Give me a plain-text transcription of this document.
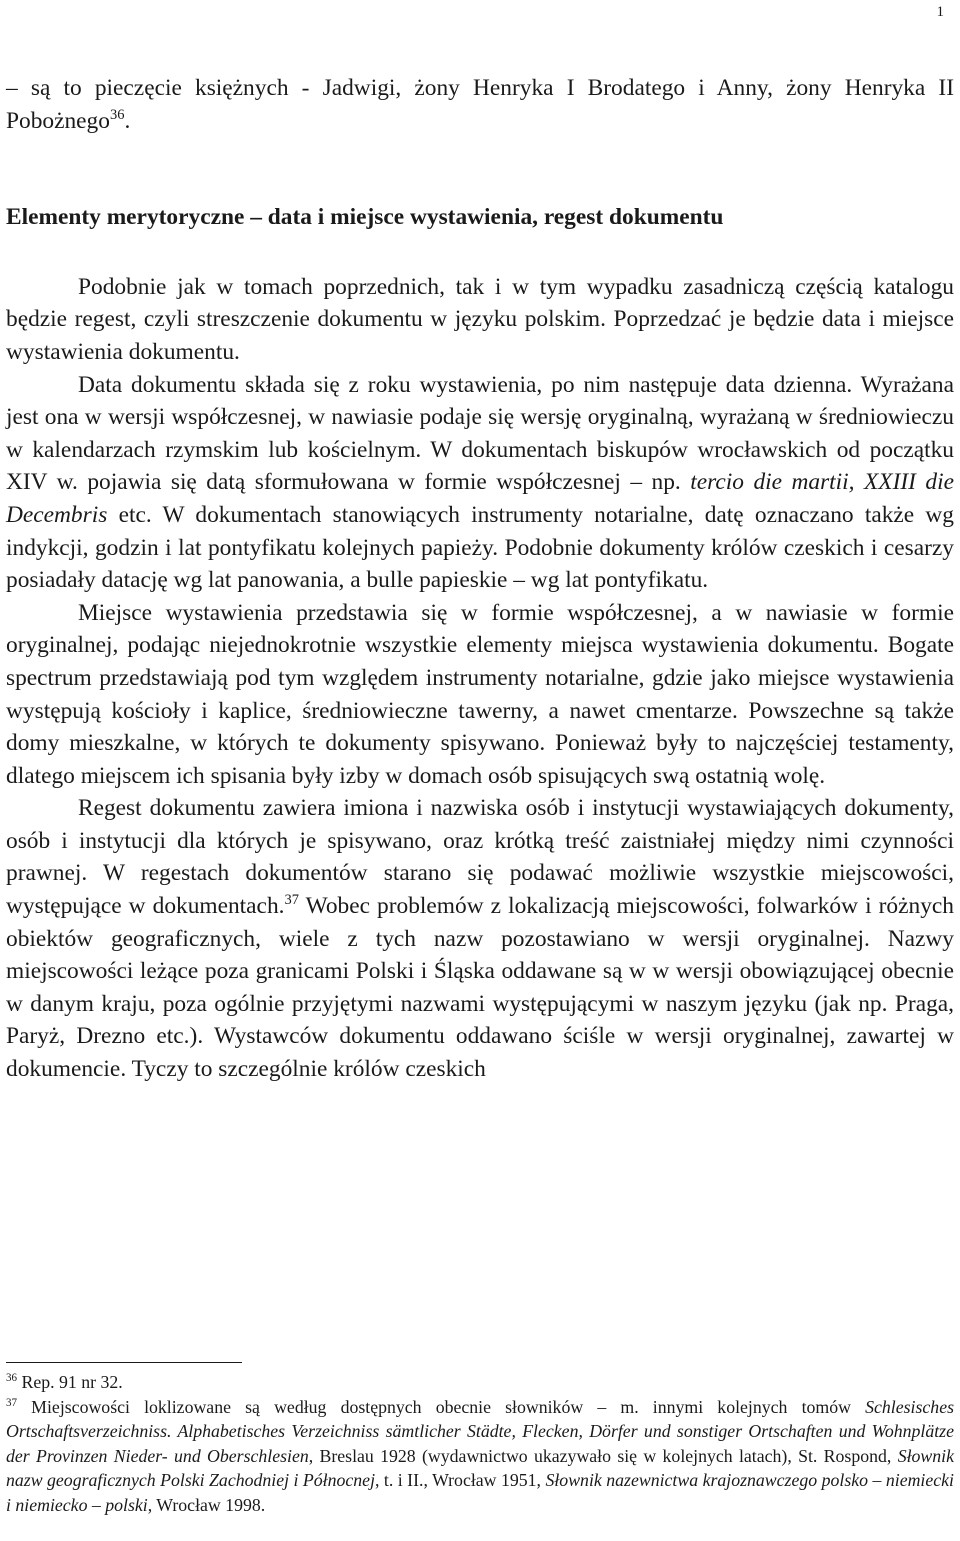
1

– są to pieczęcie księżnych - Jadwigi, żony Henryka I Brodatego i Anny, żony Henryka II Pobożnego$^{36}$.

Elementy merytoryczne – data i miejsce wystawienia, regest dokumentu

Podobnie jak w tomach poprzednich, tak i w tym wypadku zasadniczą częścią katalogu będzie regest, czyli streszczenie dokumentu w języku polskim. Poprzedzać je będzie data i miejsce wystawienia dokumentu.

Data dokumentu składa się z roku wystawienia, po nim następuje data dzienna. Wyrażana jest ona w wersji współczesnej, w nawiasie podaje się wersję oryginalną, wyrażaną w średniowieczu w kalendarzach rzymskim lub kościelnym. W dokumentach biskupów wrocławskich od początku XIV w. pojawia się datą sformułowana w formie współczesnej – np. tercio die martii, XXIII die Decembris etc. W dokumentach stanowiących instrumenty notarialne, datę oznaczano także wg indykcji, godzin i lat pontyfikatu kolejnych papieży. Podobnie dokumenty królów czeskich i cesarzy posiadały datację wg lat panowania, a bulle papieskie – wg lat pontyfikatu.

Miejsce wystawienia przedstawia się w formie współczesnej, a w nawiasie w formie oryginalnej, podając niejednokrotnie wszystkie elementy miejsca wystawienia dokumentu. Bogate spectrum przedstawiają pod tym względem instrumenty notarialne, gdzie jako miejsce wystawienia występują kościoły i kaplice, średniowieczne tawerny, a nawet cmentarze. Powszechne są także domy mieszkalne, w których te dokumenty spisywano. Ponieważ były to najczęściej testamenty, dlatego miejscem ich spisania były izby w domach osób spisujących swą ostatnią wolę.

Regest dokumentu zawiera imiona i nazwiska osób i instytucji wystawiających dokumenty, osób i instytucji dla których je spisywano, oraz krótką treść zaistniałej między nimi czynności prawnej. W regestach dokumentów starano się podawać możliwie wszystkie miejscowości, występujące w dokumentach.$^{37}$ Wobec problemów z lokalizacją miejscowości, folwarków i różnych obiektów geograficznych, wiele z tych nazw pozostawiano w wersji oryginalnej. Nazwy miejscowości leżące poza granicami Polski i Śląska oddawane są w w wersji obowiązującej obecnie w danym kraju, poza ogólnie przyjętymi nazwami występującymi w naszym języku (jak np. Praga, Paryż, Drezno etc.). Wystawców dokumentu oddawano ściśle w wersji oryginalnej, zawartej w dokumencie. Tyczy to szczególnie królów czeskich

$^{36}$ Rep. 91 nr 32.

$^{37}$ Miejscowości loklizowane są według dostępnych obecnie słowników – m. innymi kolejnych tomów Schlesisches Ortschaftsverzeichniss. Alphabetisches Verzeichniss sämtlicher Städte, Flecken, Dörfer und sonstiger Ortschaften und Wohnplätze der Provinzen Nieder- und Oberschlesien, Breslau 1928 (wydawnictwo ukazywało się w kolejnych latach), St. Rospond, Słownik nazw geograficznych Polski Zachodniej i Północnej, t. i II., Wrocław 1951, Słownik nazewnictwa krajoznawczego polsko – niemiecki i niemiecko – polski, Wrocław 1998.
